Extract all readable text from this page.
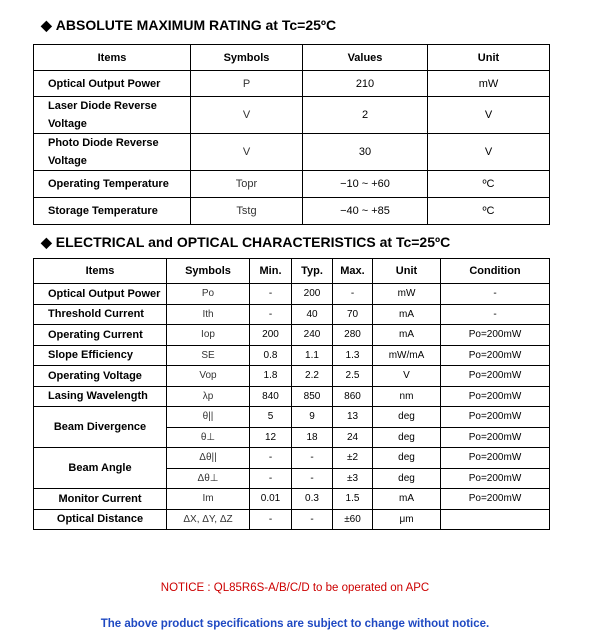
◆ ABSOLUTE MAXIMUM RATING at Tc=25ºC
Items	Symbols	Values	Unit
Optical Output Power	P	210	mW
Laser Diode Reverse Voltage	V	2	V
Photo Diode Reverse Voltage	V	30	V
Operating Temperature	Topr	−10 ~ +60	ºC
Storage Temperature	Tstg	−40 ~ +85	ºC
◆ ELECTRICAL and OPTICAL CHARACTERISTICS at Tc=25ºC
Items	Symbols	Min.	Typ.	Max.	Unit	Condition
Optical Output Power	Po	-	200	-	mW	-
Threshold Current	Ith	-	40	70	mA	-
Operating Current	Iop	200	240	280	mA	Po=200mW
Slope Efficiency	SE	0.8	1.1	1.3	mW/mA	Po=200mW
Operating Voltage	Vop	1.8	2.2	2.5	V	Po=200mW
Lasing Wavelength	λp	840	850	860	nm	Po=200mW
Beam Divergence	θ||	5	9	13	deg	Po=200mW
	θ⊥	12	18	24	deg	Po=200mW
Beam Angle	Δθ||	-	-	±2	deg	Po=200mW
	Δθ⊥	-	-	±3	deg	Po=200mW
Monitor Current	Im	0.01	0.3	1.5	mA	Po=200mW
Optical Distance	ΔX, ΔY, ΔZ	-	-	±60	μm	
NOTICE : QL85R6S-A/B/C/D to be operated on APC
The above product specifications are subject to change without notice.
